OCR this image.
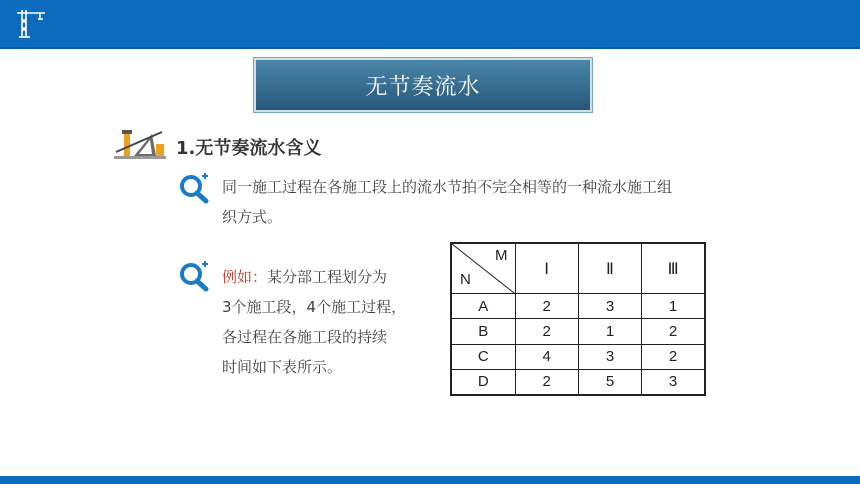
无节奏流水
1.无节奏流水含义
同一施工过程在各施工段上的流水节拍不完全相等的一种流水施工组
织方式。
例如：某分部工程划分为
3个施工段，4个施工过程，
各过程在各施工段的持续
时间如下表所示。
M
N	Ⅰ	Ⅱ	Ⅲ
A	2	3	1
B	2	1	2
C	4	3	2
D	2	5	3
